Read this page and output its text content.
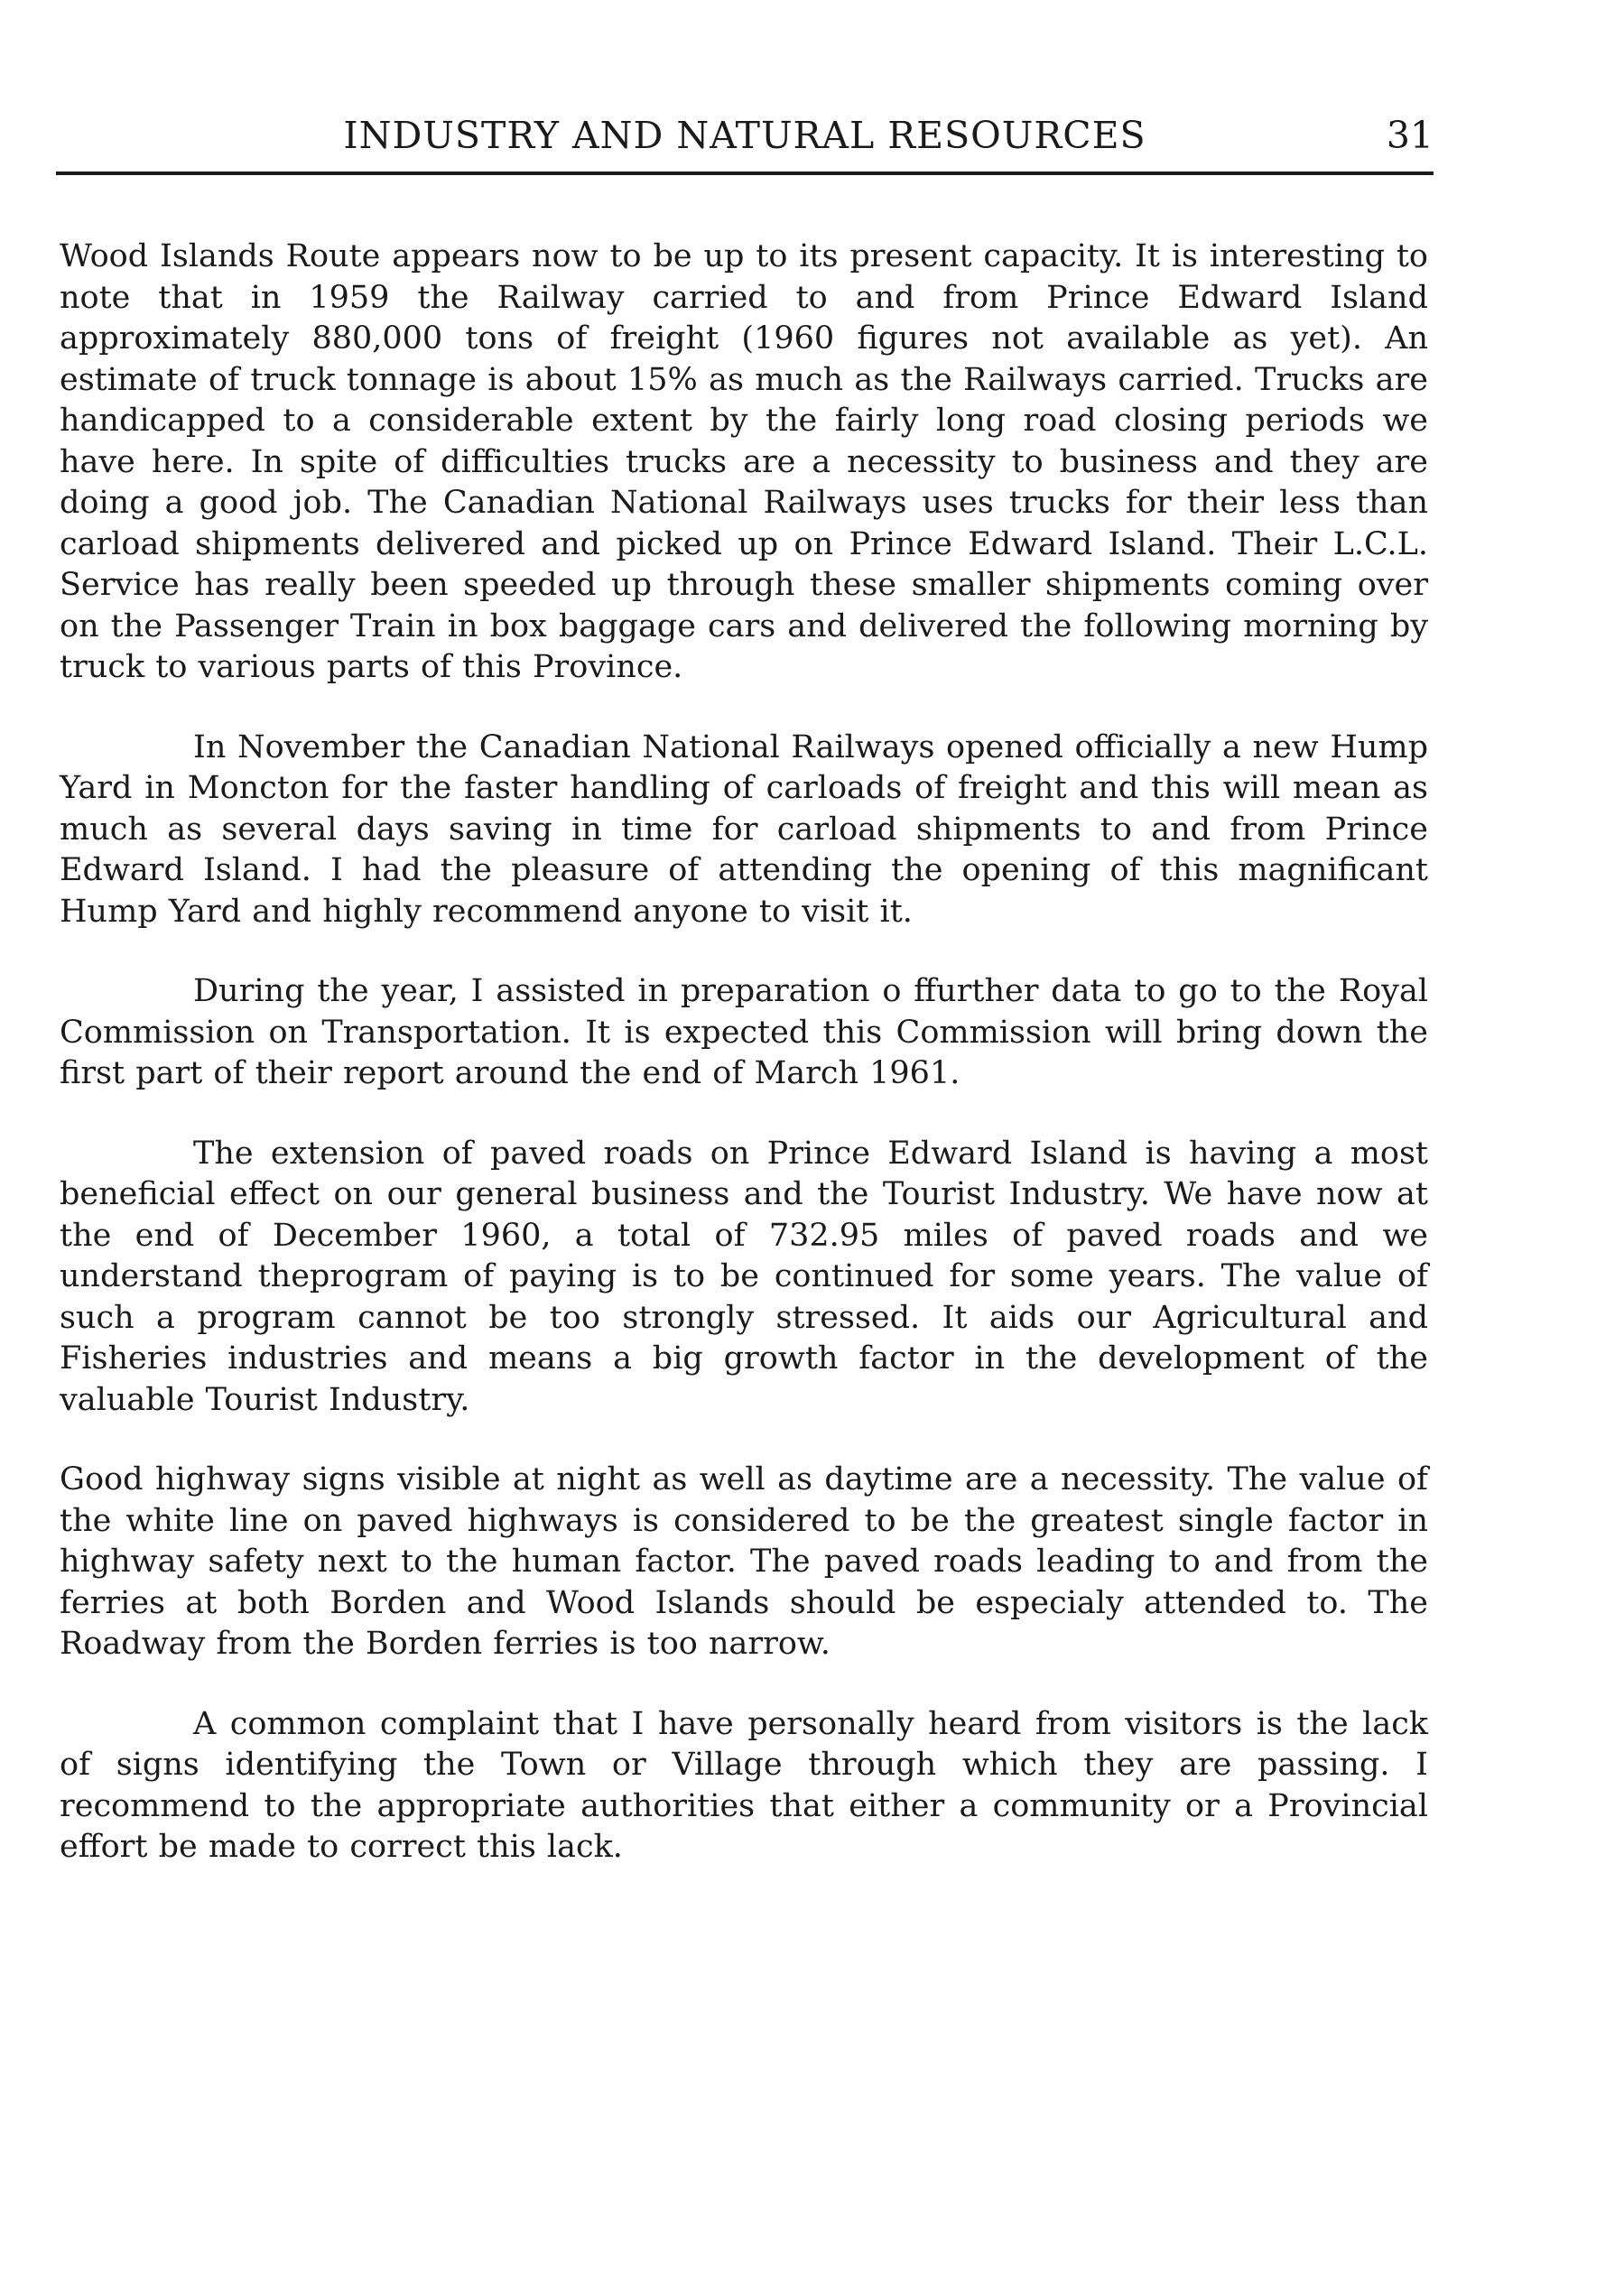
INDUSTRY AND NATURAL RESOURCES	31

Wood Islands Route appears now to be up to its present capacity. It is interesting to note that in 1959 the Railway carried to and from Prince Edward Island approximately 880,000 tons of freight (1960 figures not available as yet). An estimate of truck tonnage is about 15% as much as the Railways carried. Trucks are handicapped to a considerable extent by the fairly long road closing periods we have here. In spite of difficulties trucks are a necessity to business and they are doing a good job. The Canadian National Railways uses trucks for their less than carload shipments delivered and picked up on Prince Edward Island. Their L.C.L. Service has really been speeded up through these smaller shipments coming over on the Passenger Train in box baggage cars and delivered the following morning by truck to various parts of this Province.

In November the Canadian National Railways opened officially a new Hump Yard in Moncton for the faster handling of carloads of freight and this will mean as much as several days saving in time for carload shipments to and from Prince Edward Island. I had the pleasure of attending the opening of this magnificant Hump Yard and highly recommend anyone to visit it.

During the year, I assisted in preparation o ffurther data to go to the Royal Commission on Transportation. It is expected this Commission will bring down the first part of their report around the end of March 1961.

The extension of paved roads on Prince Edward Island is having a most beneficial effect on our general business and the Tourist Industry. We have now at the end of December 1960, a total of 732.95 miles of paved roads and we understand theprogram of paying is to be continued for some years. The value of such a program cannot be too strongly stressed. It aids our Agricultural and Fisheries industries and means a big growth factor in the development of the valuable Tourist Industry.

Good highway signs visible at night as well as daytime are a necessity. The value of the white line on paved highways is considered to be the greatest single factor in highway safety next to the human factor. The paved roads leading to and from the ferries at both Borden and Wood Islands should be especialy attended to. The Roadway from the Borden ferries is too narrow.

A common complaint that I have personally heard from visitors is the lack of signs identifying the Town or Village through which they are passing. I recommend to the appropriate authorities that either a community or a Provincial effort be made to correct this lack.
